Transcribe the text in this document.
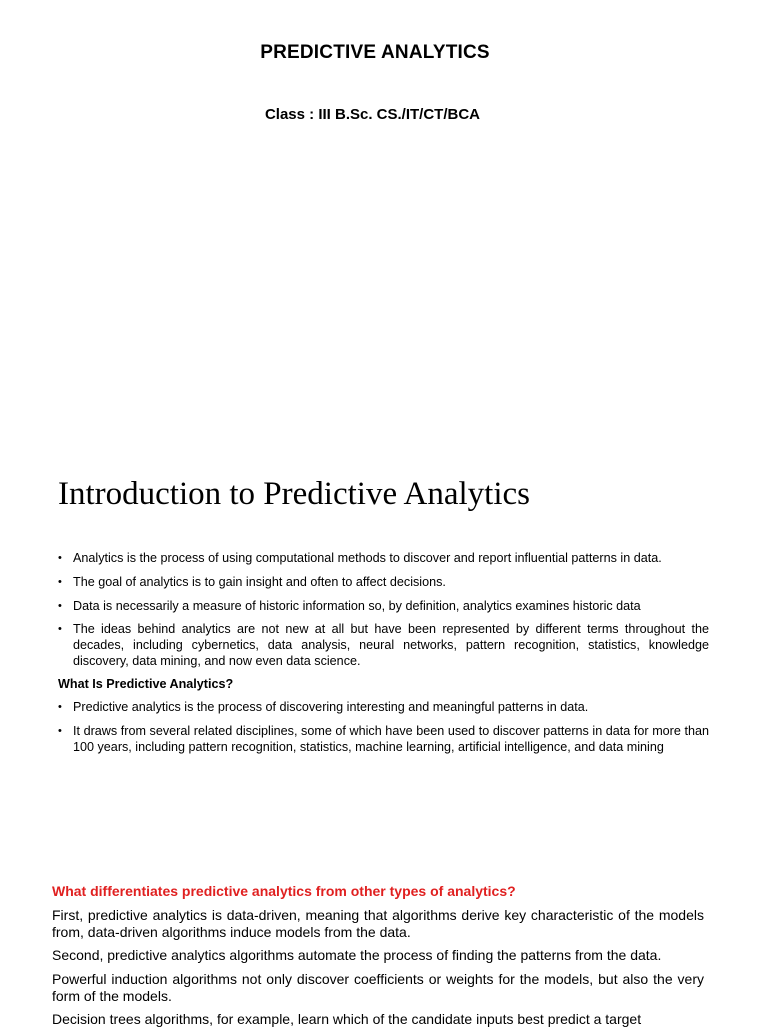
PREDICTIVE ANALYTICS
Class : III B.Sc. CS./IT/CT/BCA
Introduction to Predictive Analytics
• Analytics is the process of using computational methods to discover and report influential patterns in data.
• The goal of analytics is to gain insight and often to affect decisions.
• Data is necessarily a measure of historic information so, by definition, analytics examines historic data
• The ideas behind analytics are not new at all but have been represented by different terms throughout the decades, including cybernetics, data analysis, neural networks, pattern recognition, statistics, knowledge discovery, data mining, and now even data science.
What Is Predictive Analytics?
• Predictive analytics is the process of discovering interesting and meaningful patterns in data.
• It draws from several related disciplines, some of which have been used to discover patterns in data for more than 100 years, including pattern recognition, statistics, machine learning, artificial intelligence, and data mining
What differentiates predictive analytics from other types of analytics?
First, predictive analytics is data-driven, meaning that algorithms derive key characteristic of the models from, data-driven algorithms induce models from the data.
Second, predictive analytics algorithms automate the process of finding the patterns from the data.
Powerful induction algorithms not only discover coefficients or weights for the models, but also the very form of the models.
Decision trees algorithms, for example, learn which of the candidate inputs best predict a target
